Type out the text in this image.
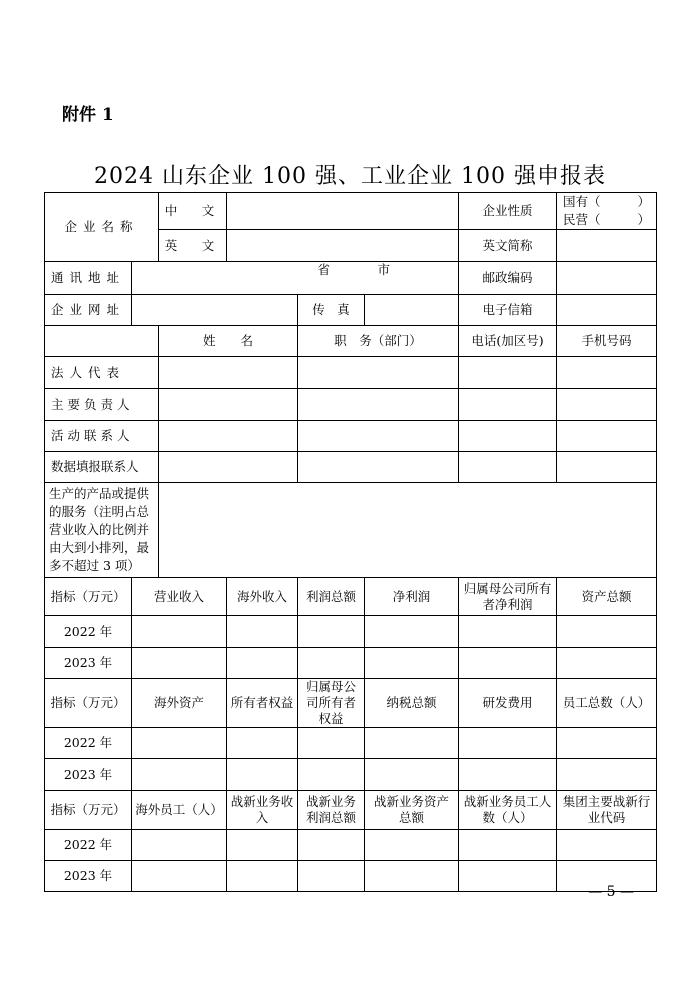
附件 1
2024 山东企业 100 强、工业企业 100 强申报表
企业名称		中　文				企业性质	国有（ ）
民营（ ）

		英　文				英文简称	
通讯地址	省 市					邮政编码	
企业网址				传　真		电子信箱	
		姓　　名		职　务（部门）		电话(加区号)	手机号码
法人代表							
主要负责人							
活动联系人							
数据填报联系人							
生产的产品或提供的服务（注明占总营业收入的比例并由大到小排列，最多不超过 3 项）							
指标（万元）	营业收入		海外收入	利润总额	净利润	归属母公司所有者净利润	资产总额
2022 年							
2023 年							
指标（万元）	海外资产		所有者权益	归属母公司所有者权益	纳税总额	研发费用	员工总数（人）
2022 年							
2023 年							
指标（万元）	海外员工（人）		战新业务收入	战新业务利润总额	战新业务资产总额	战新业务员工人数（人）	集团主要战新行业代码
2022 年							
2023 年							
— 5 —
